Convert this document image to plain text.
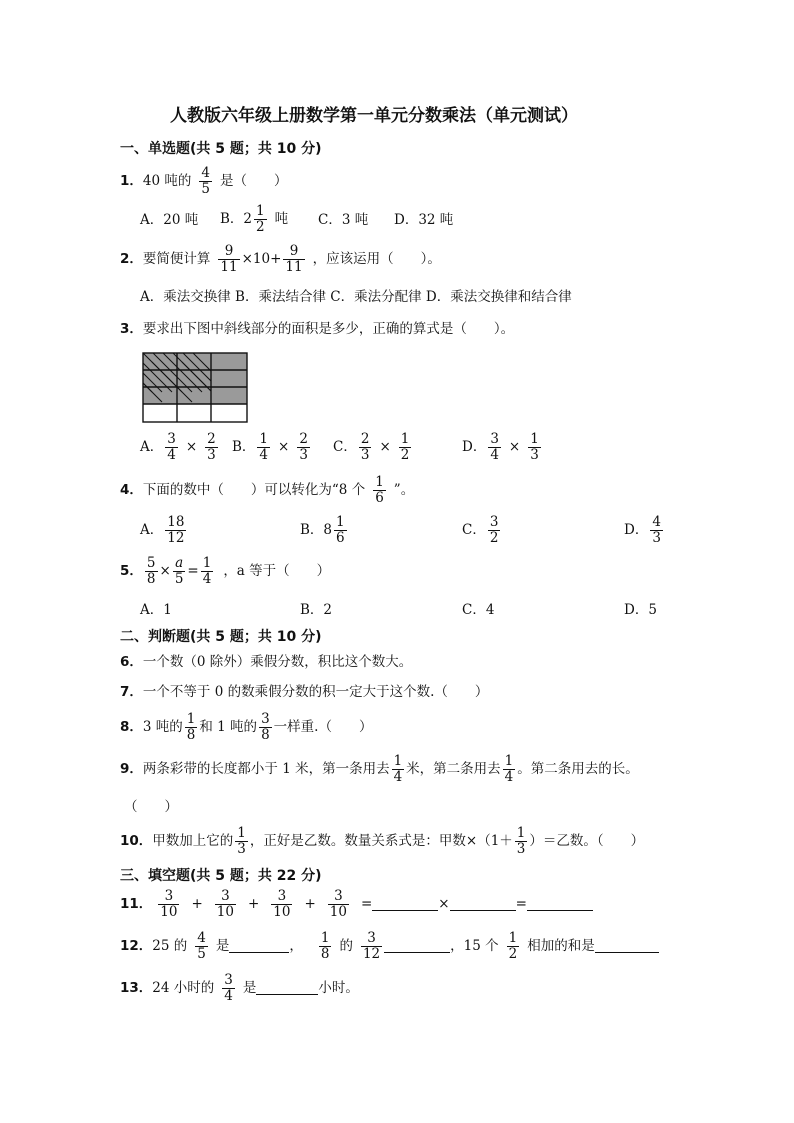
人教版六年级上册数学第一单元分数乘法（单元测试）
一、单选题(共 5 题；共 10 分)
1． 40 吨的 $\frac{4}{5}$ 是（　　）
A．20 吨 B．$2 \frac{1}{2}$ 吨 C．3 吨 D．32 吨
2． 要简便计算 $\frac{9}{11} \times 10+ \frac{9}{11}$ ，应该运用（　　）。
A．乘法交换律 B．乘法结合律 C．乘法分配律 D．乘法交换律和结合律
3． 要求出下图中斜线部分的面积是多少，正确的算式是（　　）。
A． $\frac{3}{4} \times \frac{2}{3}$ B． $\frac{1}{4} \times \frac{2}{3}$ C． $\frac{2}{3} \times \frac{1}{2}$	D． $\frac{3}{4} \times \frac{1}{3}$
4． 下面的数中（　　）可以转化为“8 个 $\frac{1}{6}$ ”。
A． $\frac{18}{12}$	B． $8 \frac{1}{6}$	C． $\frac{3}{2}$	D． $\frac{4}{3}$
5． $\frac{5}{8} \times \frac{a}{5} = \frac{1}{4}$ ，a 等于（　　）
A．1	B．2	C．4	D．5
二、判断题(共 5 题；共 10 分)
6． 一个数（0 除外）乘假分数，积比这个数大。
7． 一个不等于 0 的数乘假分数的积一定大于这个数.（　　）
8． 3 吨的 $\frac{1}{8}$ 和 1 吨的 $\frac{3}{8}$ 一样重.（　　）
9． 两条彩带的长度都小于 1 米，第一条用去 $\frac{1}{4}$ 米，第二条用去 $\frac{1}{4}$ 。第二条用去的长。
（　　）
10． 甲数加上它的 $\frac{1}{3}$ ，正好是乙数。数量关系式是：甲数$\times(1+ \frac{1}{3}$ ）＝乙数。（　　）
三、填空题(共 5 题；共 22 分)
11． $\frac{3}{10} + \frac{3}{10} + \frac{3}{10} + \frac{3}{10}$ =	×	=
12． 25 的 $\frac{4}{5}$ 是	， $\frac{1}{8}$ 的 $\frac{3}{12}$	，15 个 $\frac{1}{2}$ 相加的和是
13． 24 小时的 $\frac{3}{4}$ 是	小时。
